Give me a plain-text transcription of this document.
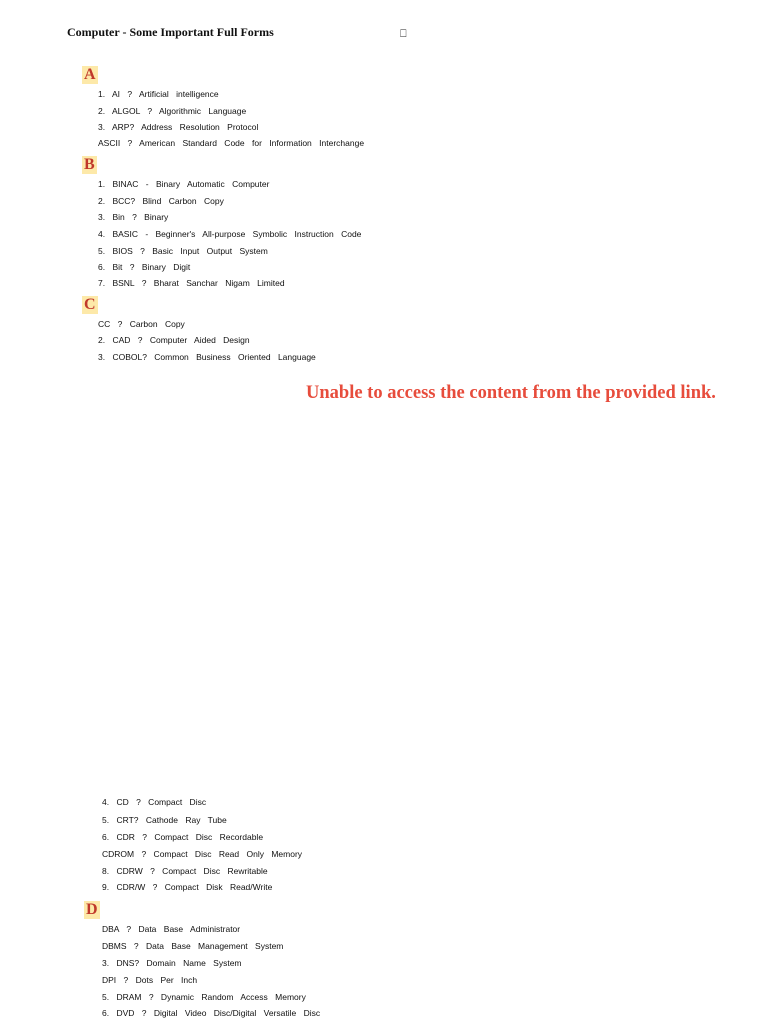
Computer - Some Important Full Forms	⎕
A
1. AI ? Artificial intelligence
2. ALGOL ? Algorithmic Language
3. ARP? Address Resolution Protocol
ASCII ? American Standard Code for Information Interchange
B
1. BINAC - Binary Automatic Computer
2. BCC? Blind Carbon Copy
3. Bin ? Binary
4. BASIC - Beginner's All-purpose Symbolic Instruction Code
5. BIOS ? Basic Input Output System
6. Bit ? Binary Digit
7. BSNL ? Bharat Sanchar Nigam Limited
C
CC ? Carbon Copy
2. CAD ? Computer Aided Design
3. COBOL? Common Business Oriented Language
Unable to access the content from the provided link.
4. CD ? Compact Disc
5. CRT? Cathode Ray Tube
6. CDR ? Compact Disc Recordable
CDROM ? Compact Disc Read Only Memory
8. CDRW ? Compact Disc Rewritable
9. CDR/W ? Compact Disk Read/Write
D
DBA ? Data Base Administrator
DBMS ? Data Base Management System
3. DNS? Domain Name System
DPI ? Dots Per Inch
5. DRAM ? Dynamic Random Access Memory
6. DVD ? Digital Video Disc/Digital Versatile Disc
